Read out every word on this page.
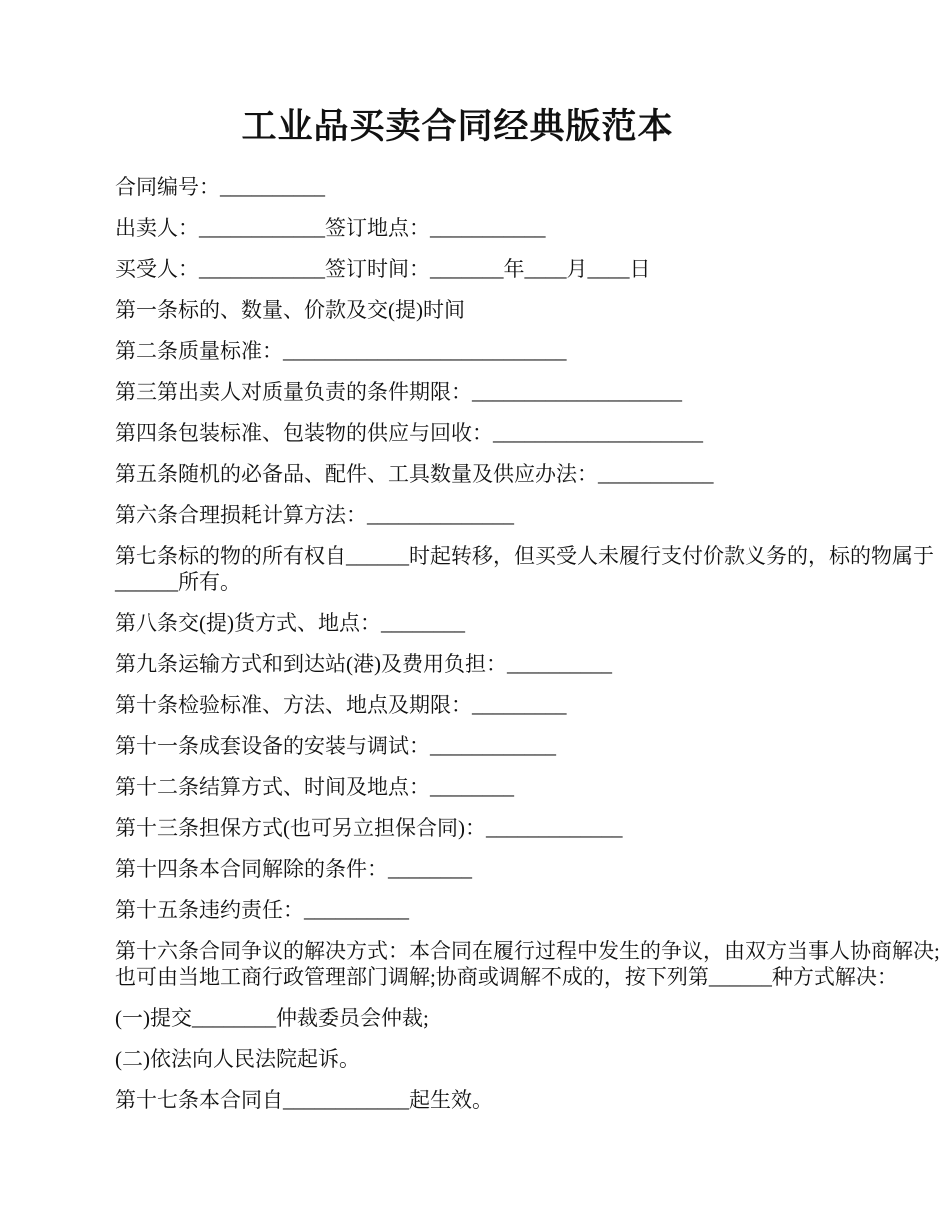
工业品买卖合同经典版范本
合同编号：__________
出卖人：____________签订地点：___________
买受人：____________签订时间：_______年____月____日
第一条标的、数量、价款及交(提)时间
第二条质量标准：___________________________
第三第出卖人对质量负责的条件期限：____________________
第四条包装标准、包装物的供应与回收：____________________
第五条随机的必备品、配件、工具数量及供应办法：___________
第六条合理损耗计算方法：______________
第七条标的物的所有权自______时起转移，但买受人未履行支付价款义务的，标的物属于
______所有。
第八条交(提)货方式、地点：________
第九条运输方式和到达站(港)及费用负担：__________
第十条检验标准、方法、地点及期限：_________
第十一条成套设备的安装与调试：____________
第十二条结算方式、时间及地点：________
第十三条担保方式(也可另立担保合同)：_____________
第十四条本合同解除的条件：________
第十五条违约责任：__________
第十六条合同争议的解决方式：本合同在履行过程中发生的争议，由双方当事人协商解决;
也可由当地工商行政管理部门调解;协商或调解不成的，按下列第______种方式解决：
(一)提交________仲裁委员会仲裁;
(二)依法向人民法院起诉。
第十七条本合同自____________起生效。
